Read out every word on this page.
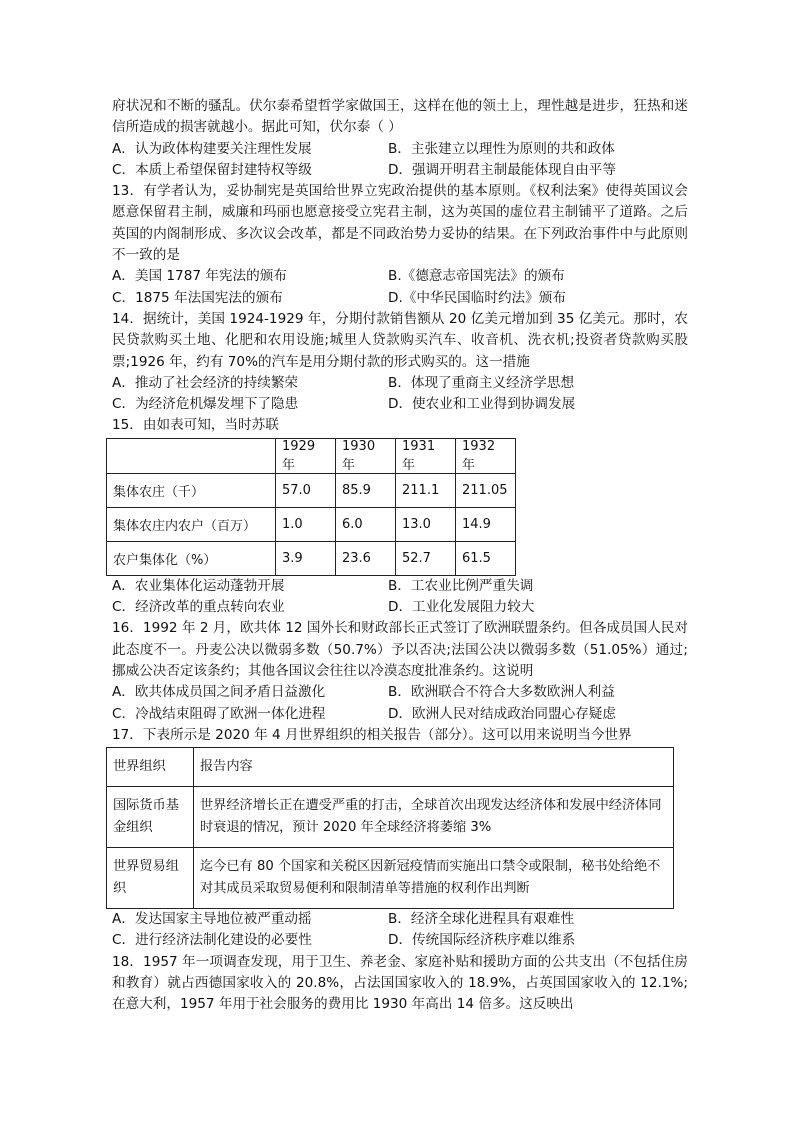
府状况和不断的骚乱。伏尔泰希望哲学家做国王，这样在他的领土上，理性越是进步，狂热和迷信所造成的损害就越小。据此可知，伏尔泰（ ）

A．认为政体构建要关注理性发展	B．主张建立以理性为原则的共和政体
C．本质上希望保留封建特权等级	D．强调开明君主制最能体现自由平等

13．有学者认为，妥协制宪是英国给世界立宪政治提供的基本原则。《权利法案》使得英国议会愿意保留君主制，威廉和玛丽也愿意接受立宪君主制，这为英国的虚位君主制铺平了道路。之后英国的内阁制形成、多次议会改革，都是不同政治势力妥协的结果。在下列政治事件中与此原则不一致的是

A．美国 1787 年宪法的颁布	B.《德意志帝国宪法》的颁布
C．1875 年法国宪法的颁布	D.《中华民国临时约法》颁布

14．据统计，美国 1924-1929 年，分期付款销售额从 20 亿美元增加到 35 亿美元。那时，农民贷款购买土地、化肥和农用设施;城里人贷款购买汽车、收音机、洗衣机;投资者贷款购买股票;1926 年，约有 70%的汽车是用分期付款的形式购买的。这一措施

A．推动了社会经济的持续繁荣	B．体现了重商主义经济学思想
C．为经济危机爆发埋下了隐患	D．使农业和工业得到协调发展

15．由如表可知，当时苏联

	1929 年	1930 年	1931 年	1932 年
集体农庄（千）	57.0	85.9	211.1	211.05
集体农庄内农户（百万）	1.0	6.0	13.0	14.9
农户集体化（%）	3.9	23.6	52.7	61.5
A．农业集体化运动蓬勃开展	B．工农业比例严重失调
C．经济改革的重点转向农业	D．工业化发展阻力较大

16．1992 年 2 月，欧共体 12 国外长和财政部长正式签订了欧洲联盟条约。但各成员国人民对此态度不一。丹麦公决以微弱多数（50.7%）予以否决;法国公决以微弱多数（51.05%）通过;挪威公决否定该条约；其他各国议会往往以冷漠态度批准条约。这说明

A．欧共体成员国之间矛盾日益激化	B．欧洲联合不符合大多数欧洲人利益
C．冷战结束阻碍了欧洲一体化进程	D．欧洲人民对结成政治同盟心存疑虑

17．下表所示是 2020 年 4 月世界组织的相关报告（部分）。这可以用来说明当今世界

世界组织	报告内容
国际货币基金组织	世界经济增长正在遭受严重的打击，全球首次出现发达经济体和发展中经济体同时衰退的情况，预计 2020 年全球经济将萎缩 3%
世界贸易组织	迄今已有 80 个国家和关税区因新冠疫情而实施出口禁令或限制，秘书处给绝不对其成员采取贸易便利和限制清单等措施的权利作出判断
A．发达国家主导地位被严重动摇	B．经济全球化进程具有艰难性
C．进行经济法制化建设的必要性	D．传统国际经济秩序难以维系

18．1957 年一项调查发现，用于卫生、养老金、家庭补贴和援助方面的公共支出（不包括住房和教育）就占西德国家收入的 20.8%，占法国国家收入的 18.9%，占英国国家收入的 12.1%;在意大利，1957 年用于社会服务的费用比 1930 年高出 14 倍多。这反映出
